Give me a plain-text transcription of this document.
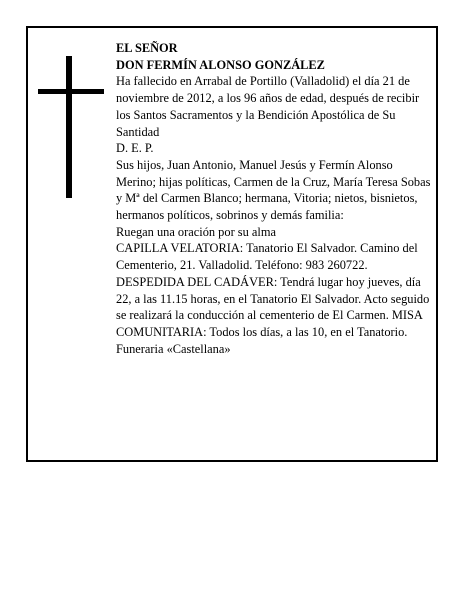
EL SEÑOR

DON FERMÍN ALONSO GONZÁLEZ

Ha fallecido en Arrabal de Portillo (Valladolid) el día 21 de noviembre de 2012, a los 96 años de edad, después de recibir los Santos Sacramentos y la Bendición Apostólica de Su Santidad

D. E. P.

Sus hijos, Juan Antonio, Manuel Jesús y Fermín Alonso Merino; hijas políticas, Carmen de la Cruz, María Teresa Sobas y Mª del Carmen Blanco; hermana, Vitoria; nietos, bisnietos, hermanos políticos, sobrinos y demás familia:

Ruegan una oración por su alma

CAPILLA VELATORIA: Tanatorio El Salvador. Camino del Cementerio, 21. Valladolid. Teléfono: 983 260722.

DESPEDIDA DEL CADÁVER: Tendrá lugar hoy jueves, día 22, a las 11.15 horas, en el Tanatorio El Salvador. Acto seguido se realizará la conducción al cementerio de El Carmen. MISA COMUNITARIA: Todos los días, a las 10, en el Tanatorio.

Funeraria «Castellana»
